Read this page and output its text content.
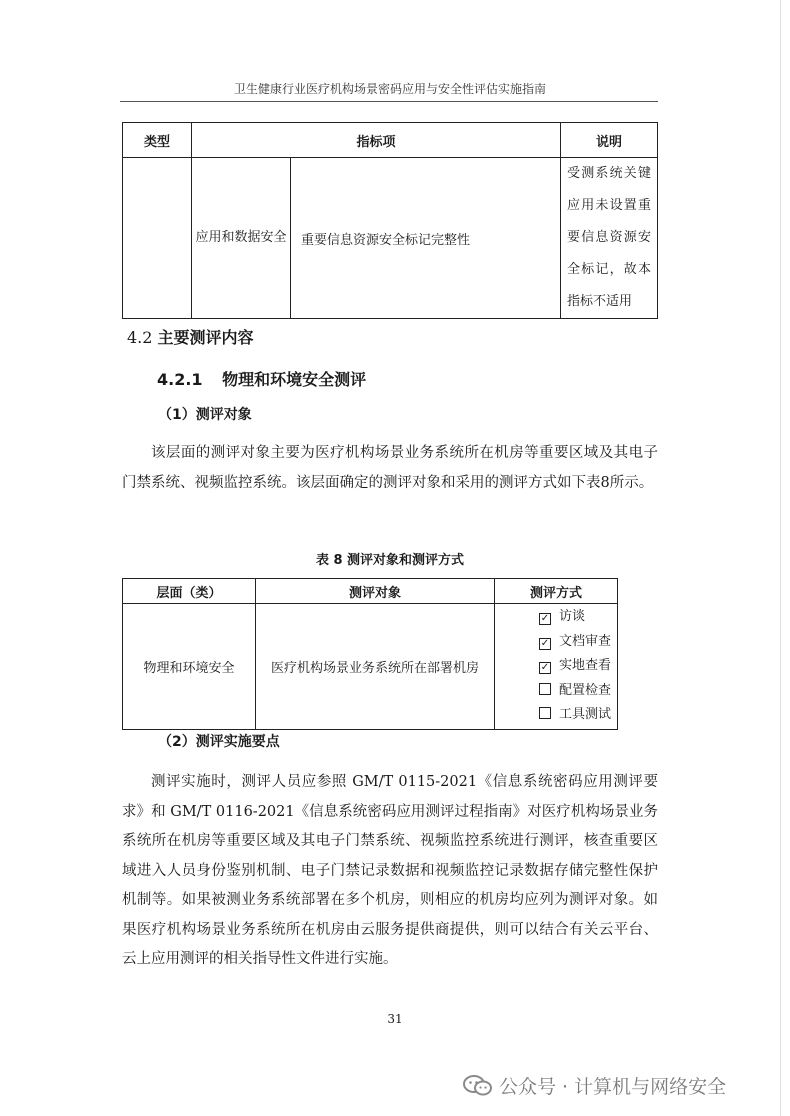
卫生健康行业医疗机构场景密码应用与安全性评估实施指南
类型	指标项		说明
	应用和数据安全	重要信息资源安全标记完整性	受测系统关键应用未设置重要信息资源安全标记，故本指标不适用
4.2 主要测评内容
4.2.1 物理和环境安全测评
（1）测评对象
该层面的测评对象主要为医疗机构场景业务系统所在机房等重要区域及其电子门禁系统、视频监控系统。该层面确定的测评对象和采用的测评方式如下表8所示。
表 8 测评对象和测评方式
层面（类）	测评对象	测评方式
物理和环境安全	医疗机构场景业务系统所在部署机房	✓ 访谈
✓ 文档审查
✓ 实地查看
配置检查
工具测试
（2）测评实施要点
测评实施时，测评人员应参照 GM/T 0115-2021《信息系统密码应用测评要求》和 GM/T 0116-2021《信息系统密码应用测评过程指南》对医疗机构场景业务系统所在机房等重要区域及其电子门禁系统、视频监控系统进行测评，核查重要区域进入人员身份鉴别机制、电子门禁记录数据和视频监控记录数据存储完整性保护机制等。如果被测业务系统部署在多个机房，则相应的机房均应列为测评对象。如果医疗机构场景业务系统所在机房由云服务提供商提供，则可以结合有关云平台、云上应用测评的相关指导性文件进行实施。
31
公众号 · 计算机与网络安全
